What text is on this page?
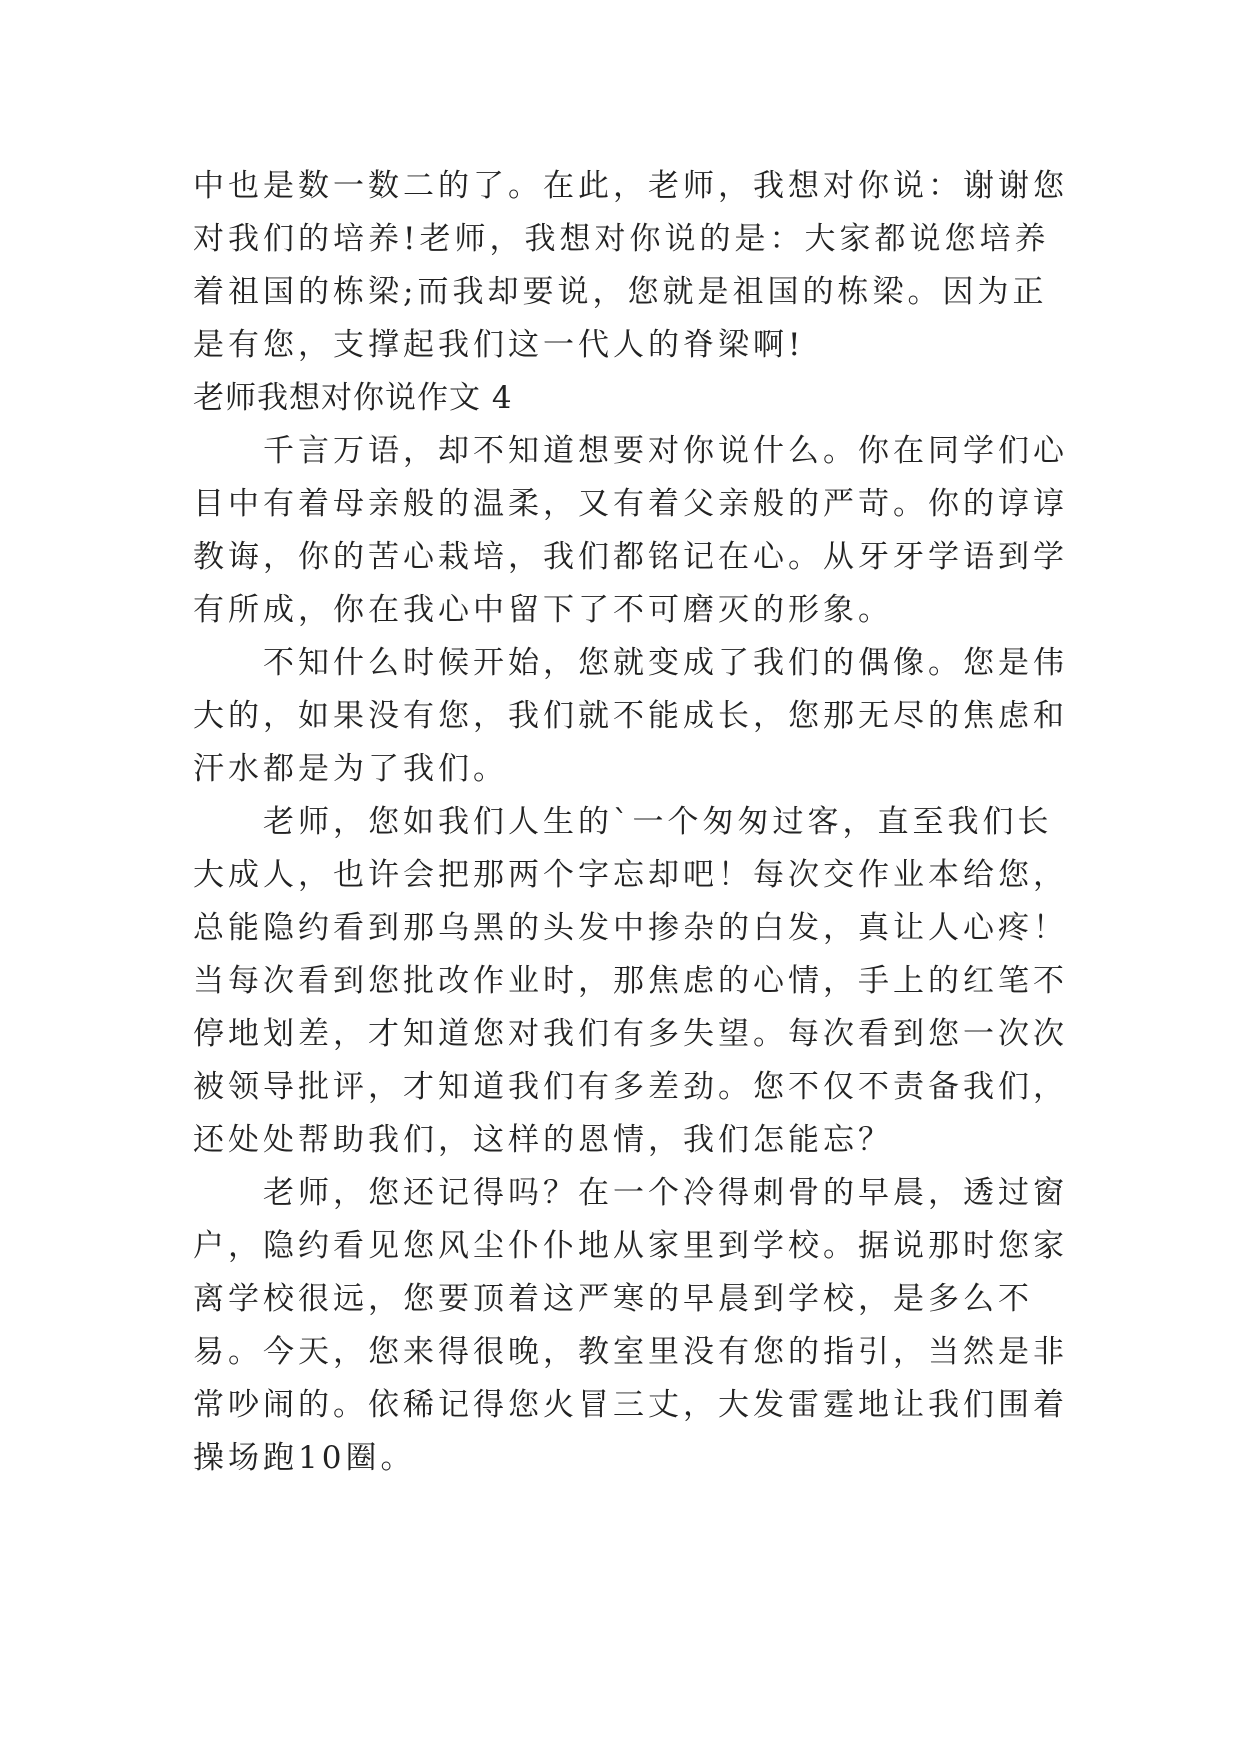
中也是数一数二的了。在此，老师，我想对你说：谢谢您对我们的培养!老师，我想对你说的是：大家都说您培养着祖国的栋梁;而我却要说，您就是祖国的栋梁。因为正是有您，支撑起我们这一代人的脊梁啊!

老师我想对你说作文 4

千言万语，却不知道想要对你说什么。你在同学们心目中有着母亲般的温柔，又有着父亲般的严苛。你的谆谆教诲，你的苦心栽培，我们都铭记在心。从牙牙学语到学有所成，你在我心中留下了不可磨灭的形象。

不知什么时候开始，您就变成了我们的偶像。您是伟大的，如果没有您，我们就不能成长，您那无尽的焦虑和汗水都是为了我们。

老师，您如我们人生的`一个匆匆过客，直至我们长大成人，也许会把那两个字忘却吧！每次交作业本给您，总能隐约看到那乌黑的头发中掺杂的白发，真让人心疼！当每次看到您批改作业时，那焦虑的心情，手上的红笔不停地划差，才知道您对我们有多失望。每次看到您一次次被领导批评，才知道我们有多差劲。您不仅不责备我们，还处处帮助我们，这样的恩情，我们怎能忘？

老师，您还记得吗？在一个冷得刺骨的早晨，透过窗户，隐约看见您风尘仆仆地从家里到学校。据说那时您家离学校很远，您要顶着这严寒的早晨到学校，是多么不易。今天，您来得很晚，教室里没有您的指引，当然是非常吵闹的。依稀记得您火冒三丈，大发雷霆地让我们围着操场跑10圈。
